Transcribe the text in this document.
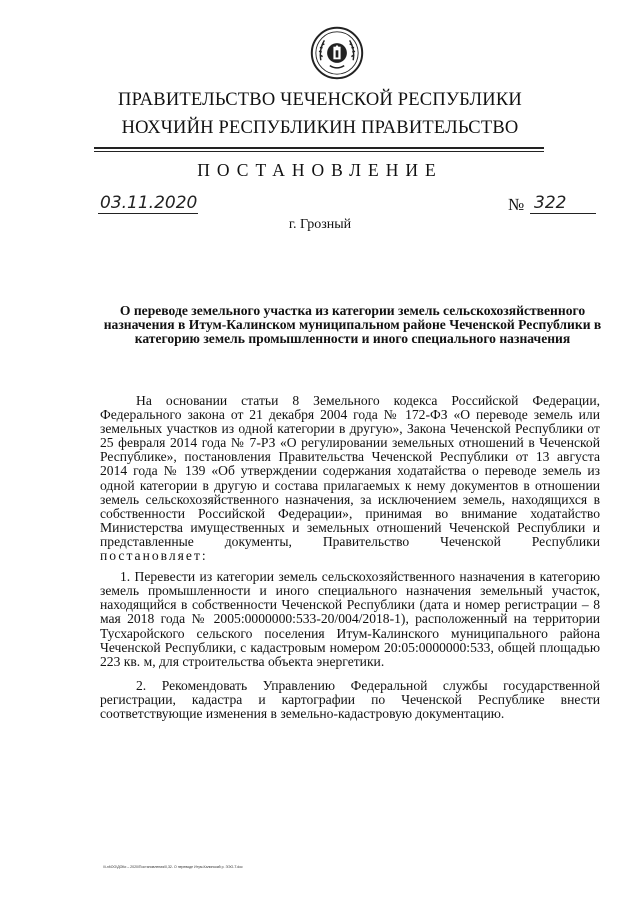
ПРАВИТЕЛЬСТВО ЧЕЧЕНСКОЙ РЕСПУБЛИКИ
НОХЧИЙН РЕСПУБЛИКИН ПРАВИТЕЛЬСТВО
ПОСТАНОВЛЕНИЕ
03.11.2020	№ 322
г. Грозный
О переводе земельного участка из категории земель сельскохозяйственного назначения в Итум-Калинском муниципальном районе Чеченской Республики в категорию земель промышленности и иного специального назначения

На основании статьи 8 Земельного кодекса Российской Федерации, Федерального закона от 21 декабря 2004 года № 172-ФЗ «О переводе земель или земельных участков из одной категории в другую», Закона Чеченской Республики от 25 февраля 2014 года № 7-РЗ «О регулировании земельных отношений в Чеченской Республике», постановления Правительства Чеченской Республики от 13 августа 2014 года № 139 «Об утверждении содержания ходатайства о переводе земель из одной категории в другую и состава прилагаемых к нему документов в отношении земель сельскохозяйственного назначения, за исключением земель, находящихся в собственности Российской Федерации», принимая во внимание ходатайство Министерства имущественных и земельных отношений Чеченской Республики и представленные документы, Правительство Чеченской Республики постановляет:

1. Перевести из категории земель сельскохозяйственного назначения в категорию земель промышленности и иного специального назначения земельный участок, находящийся в собственности Чеченской Республики (дата и номер регистрации – 8 мая 2018 года № 2005:0000000:533-20/004/2018-1), расположенный на территории Тусхаройского сельского поселения Итум-Калинского муниципального района Чеченской Республики, с кадастровым номером 20:05:0000000:533, общей площадью 223 кв. м, для строительства объекта энергетики.

2. Рекомендовать Управлению Федеральной службы государственной регистрации, кадастра и картографии по Чеченской Республике внести соответствующие изменения в земельно-кадастровую документацию.

\\i-nt\ОО\ДОКи – 2020\Постановления\0,32- О переводе Итум-Калинский р. ЭЭО-Т.doc
